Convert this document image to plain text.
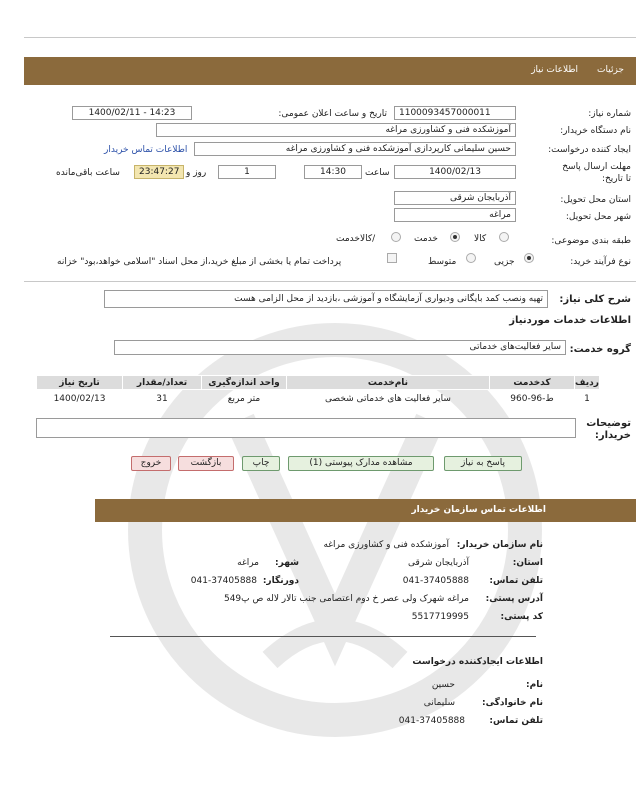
جزئیات
اطلاعات نیاز
شماره نیاز:
1100093457000011
تاریخ و ساعت اعلان عمومی:
1400/02/11 - 14:23
نام دستگاه خریدار:
آموزشکده فنی و کشاورزی مراغه
ایجاد کننده درخواست:
حسین سلیمانی کارپردازی آموزشکده فنی و کشاورزی مراغه
اطلاعات تماس خریدار
مهلت ارسال پاسخ تا تاریخ:
1400/02/13
ساعت
14:30
1
روز و
23:47:27
ساعت باقی‌مانده
استان محل تحویل:
آذربایجان شرقی
شهر محل تحویل:
مراغه
طبقه بندی موضوعی:
کالا
خدمت
/کالاخدمت
نوع فرآیند خرید:
جزیی
متوسط
پرداخت تمام یا بخشی از مبلغ خرید،از محل اسناد "اسلامی خواهد،بود" خزانه
شرح کلی نیاز:
تهیه ونصب کمد بایگانی ودیواری آزمایشگاه و آموزشی ،بازدید از محل الزامی هست
اطلاعات خدمات موردنیاز
گروه خدمت:
سایر فعالیت‌های خدماتی
ردیف	کدخدمت	نام‌خدمت	واحد اندازه‌گیری	تعداد/مقدار	تاریخ نیاز
1	ط-96-960	سایر فعالیت های خدماتی شخصی	متر مربع	31	1400/02/13
توضیحات خریدار:
پاسخ به نیاز
مشاهده مدارک پیوستی (1)
چاپ
بازگشت
خروج
اطلاعات تماس سازمان خریدار
نام سازمان خریدار:
آموزشکده فنی و کشاورزی مراغه
استان:
آذربایجان شرقی
شهر:
مراغه
تلفن تماس:
041-37405888
دورنگار:
041-37405888
آدرس پستی:
مراغه شهرک ولی عصر خ دوم اعتصامی جنب تالار لاله ص پ549
کد پستی:
5517719995
اطلاعات ایجادکننده درخواست
نام:
حسین
نام خانوادگی:
سلیمانی
تلفن تماس:
041-37405888
